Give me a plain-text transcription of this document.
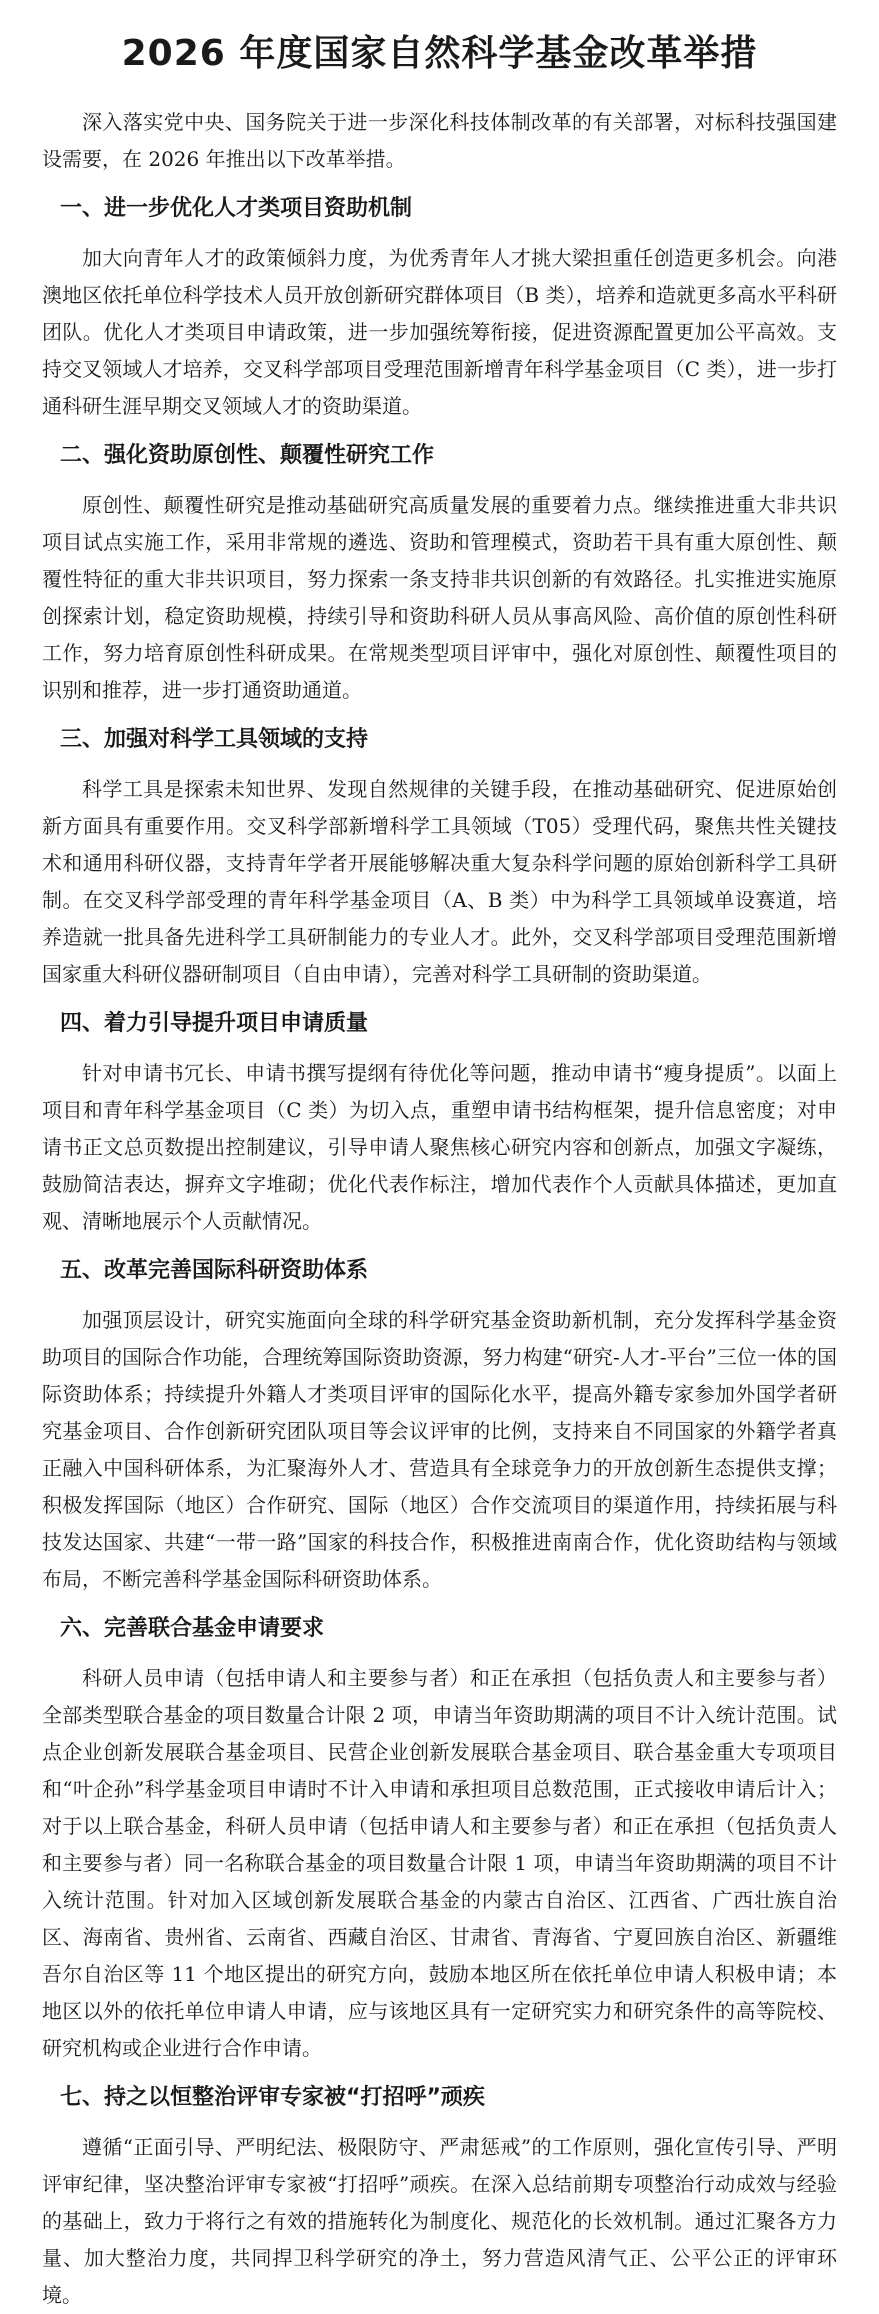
2026 年度国家自然科学基金改革举措

深入落实党中央、国务院关于进一步深化科技体制改革的有关部署，对标科技强国建设需要，在 2026 年推出以下改革举措。

一、进一步优化人才类项目资助机制

加大向青年人才的政策倾斜力度，为优秀青年人才挑大梁担重任创造更多机会。向港澳地区依托单位科学技术人员开放创新研究群体项目（B 类），培养和造就更多高水平科研团队。优化人才类项目申请政策，进一步加强统筹衔接，促进资源配置更加公平高效。支持交叉领域人才培养，交叉科学部项目受理范围新增青年科学基金项目（C 类），进一步打通科研生涯早期交叉领域人才的资助渠道。

二、强化资助原创性、颠覆性研究工作

原创性、颠覆性研究是推动基础研究高质量发展的重要着力点。继续推进重大非共识项目试点实施工作，采用非常规的遴选、资助和管理模式，资助若干具有重大原创性、颠覆性特征的重大非共识项目，努力探索一条支持非共识创新的有效路径。扎实推进实施原创探索计划，稳定资助规模，持续引导和资助科研人员从事高风险、高价值的原创性科研工作，努力培育原创性科研成果。在常规类型项目评审中，强化对原创性、颠覆性项目的识别和推荐，进一步打通资助通道。

三、加强对科学工具领域的支持

科学工具是探索未知世界、发现自然规律的关键手段，在推动基础研究、促进原始创新方面具有重要作用。交叉科学部新增科学工具领域（T05）受理代码，聚焦共性关键技术和通用科研仪器，支持青年学者开展能够解决重大复杂科学问题的原始创新科学工具研制。在交叉科学部受理的青年科学基金项目（A、B 类）中为科学工具领域单设赛道，培养造就一批具备先进科学工具研制能力的专业人才。此外，交叉科学部项目受理范围新增国家重大科研仪器研制项目（自由申请），完善对科学工具研制的资助渠道。

四、着力引导提升项目申请质量

针对申请书冗长、申请书撰写提纲有待优化等问题，推动申请书“瘦身提质”。以面上项目和青年科学基金项目（C 类）为切入点，重塑申请书结构框架，提升信息密度；对申请书正文总页数提出控制建议，引导申请人聚焦核心研究内容和创新点，加强文字凝练，鼓励简洁表达，摒弃文字堆砌；优化代表作标注，增加代表作个人贡献具体描述，更加直观、清晰地展示个人贡献情况。

五、改革完善国际科研资助体系

加强顶层设计，研究实施面向全球的科学研究基金资助新机制，充分发挥科学基金资助项目的国际合作功能，合理统筹国际资助资源，努力构建“研究-人才-平台”三位一体的国际资助体系；持续提升外籍人才类项目评审的国际化水平，提高外籍专家参加外国学者研究基金项目、合作创新研究团队项目等会议评审的比例，支持来自不同国家的外籍学者真正融入中国科研体系，为汇聚海外人才、营造具有全球竞争力的开放创新生态提供支撑；积极发挥国际（地区）合作研究、国际（地区）合作交流项目的渠道作用，持续拓展与科技发达国家、共建“一带一路”国家的科技合作，积极推进南南合作，优化资助结构与领域布局，不断完善科学基金国际科研资助体系。

六、完善联合基金申请要求

科研人员申请（包括申请人和主要参与者）和正在承担（包括负责人和主要参与者）全部类型联合基金的项目数量合计限 2 项，申请当年资助期满的项目不计入统计范围。试点企业创新发展联合基金项目、民营企业创新发展联合基金项目、联合基金重大专项项目和“叶企孙”科学基金项目申请时不计入申请和承担项目总数范围，正式接收申请后计入；对于以上联合基金，科研人员申请（包括申请人和主要参与者）和正在承担（包括负责人和主要参与者）同一名称联合基金的项目数量合计限 1 项，申请当年资助期满的项目不计入统计范围。针对加入区域创新发展联合基金的内蒙古自治区、江西省、广西壮族自治区、海南省、贵州省、云南省、西藏自治区、甘肃省、青海省、宁夏回族自治区、新疆维吾尔自治区等 11 个地区提出的研究方向，鼓励本地区所在依托单位申请人积极申请；本地区以外的依托单位申请人申请，应与该地区具有一定研究实力和研究条件的高等院校、研究机构或企业进行合作申请。

七、持之以恒整治评审专家被“打招呼”顽疾

遵循“正面引导、严明纪法、极限防守、严肃惩戒”的工作原则，强化宣传引导、严明评审纪律，坚决整治评审专家被“打招呼”顽疾。在深入总结前期专项整治行动成效与经验的基础上，致力于将行之有效的措施转化为制度化、规范化的长效机制。通过汇聚各方力量、加大整治力度，共同捍卫科学研究的净土，努力营造风清气正、公平公正的评审环境。
